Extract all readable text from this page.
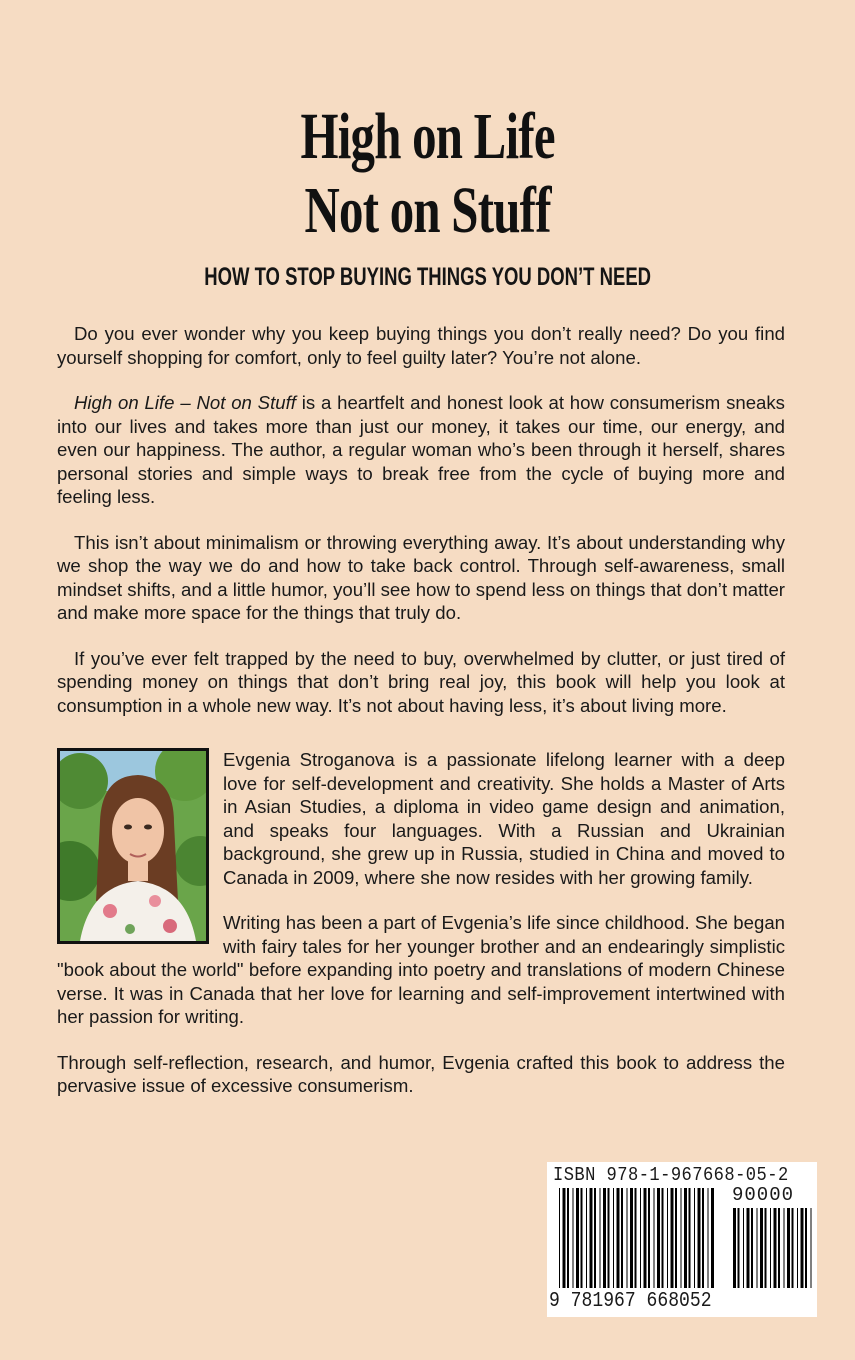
High on Life
Not on Stuff
HOW TO STOP BUYING THINGS YOU DON’T NEED

Do you ever wonder why you keep buying things you don’t really need? Do you find yourself shopping for comfort, only to feel guilty later? You’re not alone.

High on Life – Not on Stuff is a heartfelt and honest look at how consumerism sneaks into our lives and takes more than just our money, it takes our time, our energy, and even our happiness. The author, a regular woman who’s been through it herself, shares personal stories and simple ways to break free from the cycle of buying more and feeling less.

This isn’t about minimalism or throwing everything away. It’s about understanding why we shop the way we do and how to take back control. Through self-awareness, small mindset shifts, and a little humor, you’ll see how to spend less on things that don’t matter and make more space for the things that truly do.

If you’ve ever felt trapped by the need to buy, overwhelmed by clutter, or just tired of spending money on things that don’t bring real joy, this book will help you look at consumption in a whole new way. It’s not about having less, it’s about living more.

Evgenia Stroganova is a passionate lifelong learner with a deep love for self-development and creativity. She holds a Master of Arts in Asian Studies, a diploma in video game design and animation, and speaks four languages. With a Russian and Ukrainian background, she grew up in Russia, studied in China and moved to Canada in 2009, where she now resides with her growing family.

Writing has been a part of Evgenia’s life since childhood. She began with fairy tales for her younger brother and an endearingly simplistic "book about the world" before expanding into poetry and translations of modern Chinese verse. It was in Canada that her love for learning and self-improvement intertwined with her passion for writing.

Through self-reflection, research, and humor, Evgenia crafted this book to address the pervasive issue of excessive consumerism.

ISBN 978-1-967668-05-2
90000
9 781967 668052
